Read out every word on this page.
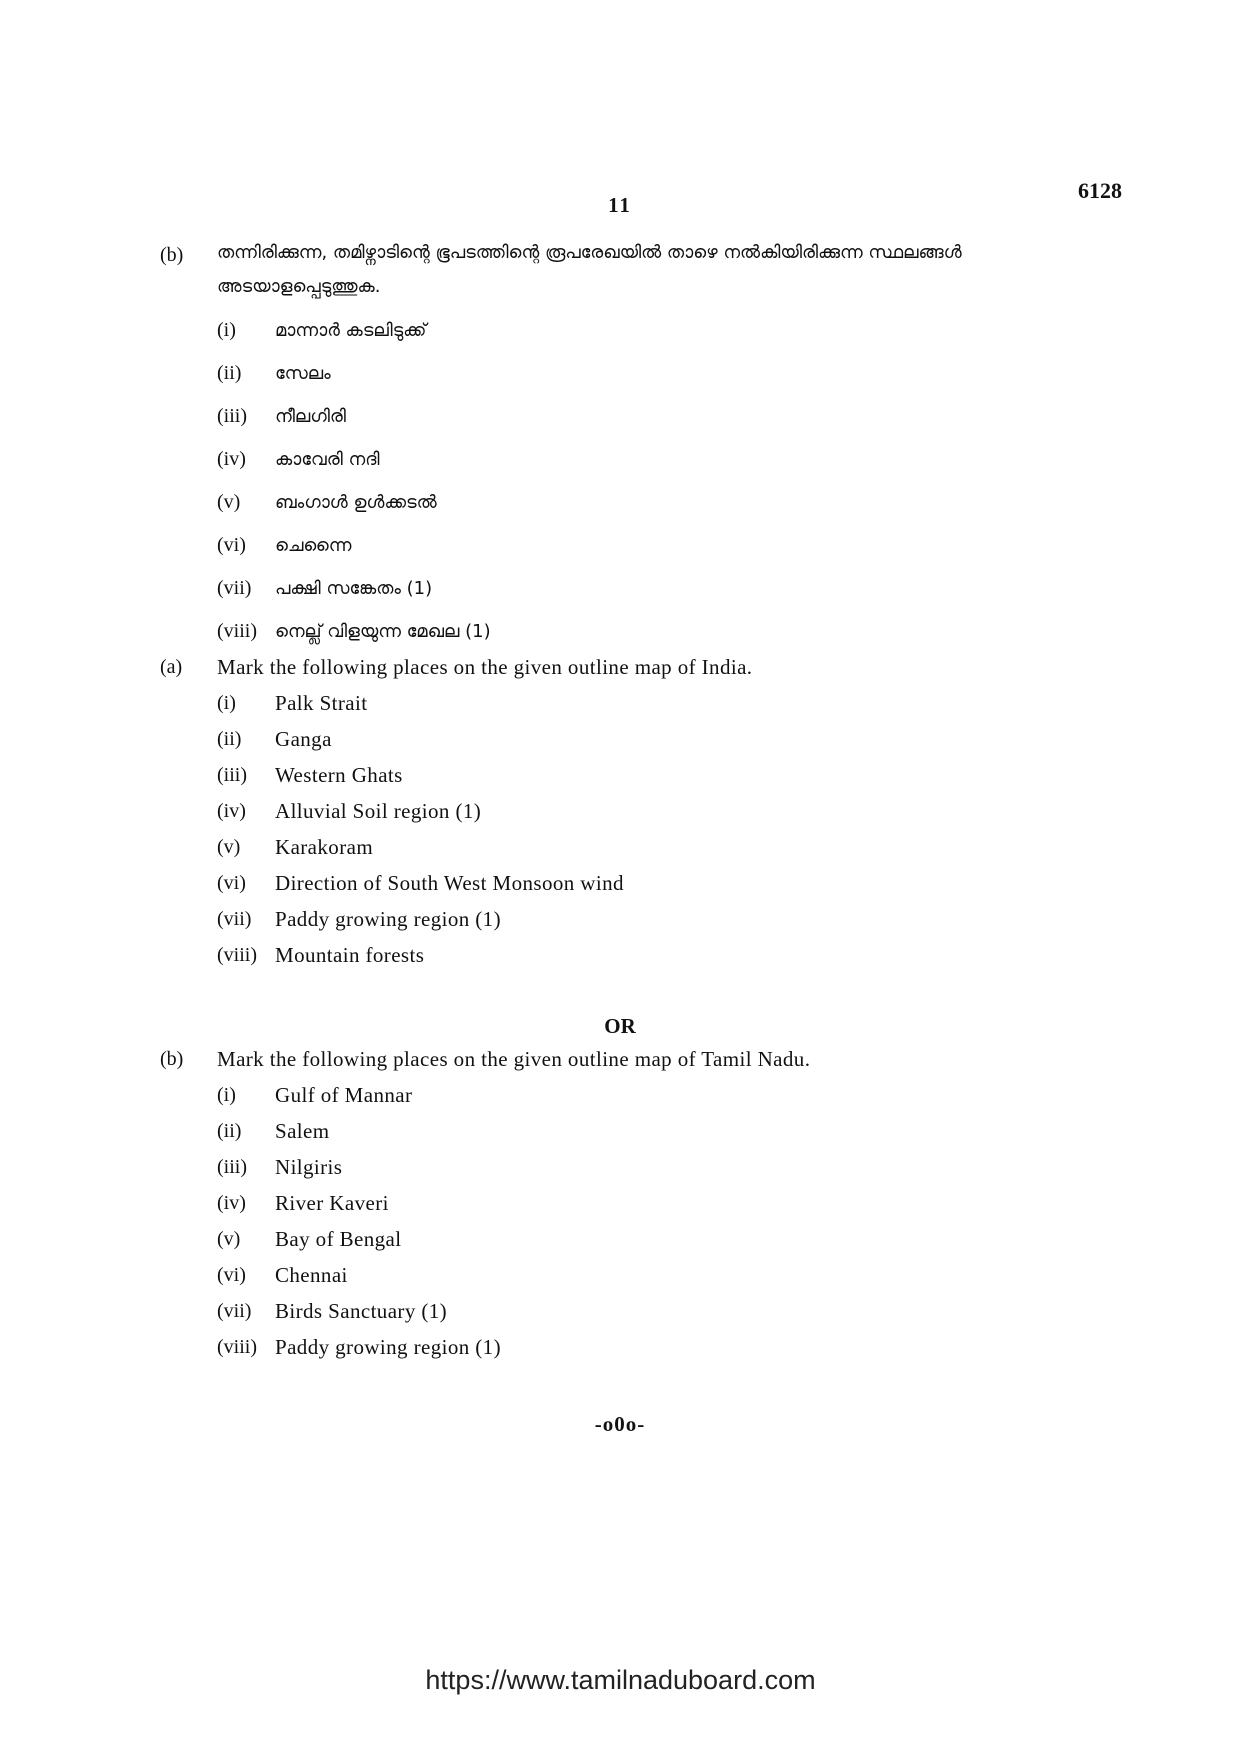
11
6128
(b) തന്നിരിക്കുന്ന, തമിഴ്നാടിന്റെ ഭൂപടത്തിന്റെ രൂപരേഖയിൽ താഴെ നൽകിയിരിക്കുന്ന സ്ഥലങ്ങൾ അടയാളപ്പെടുത്തുക.
(i)	മാന്നാർ കടലിടുക്ക്
(ii)	സേലം
(iii)	നീലഗിരി
(iv)	കാവേരി നദി
(v)	ബംഗാൾ ഉൾക്കടൽ
(vi)	ചെന്നൈ
(vii)	പക്ഷി സങ്കേതം (1)
(viii)	നെല്ല് വിളയുന്ന മേഖല (1)
(a) Mark the following places on the given outline map of India.
(i)	Palk Strait
(ii)	Ganga
(iii)	Western Ghats
(iv)	Alluvial Soil region (1)
(v)	Karakoram
(vi)	Direction of South West Monsoon wind
(vii)	Paddy growing region (1)
(viii) Mountain forests
OR
(b) Mark the following places on the given outline map of Tamil Nadu.
(i)	Gulf of Mannar
(ii)	Salem
(iii)	Nilgiris
(iv)	River Kaveri
(v)	Bay of Bengal
(vi)	Chennai
(vii)	Birds Sanctuary (1)
(viii) Paddy growing region (1)
-o0o-
https://www.tamilnaduboard.com
